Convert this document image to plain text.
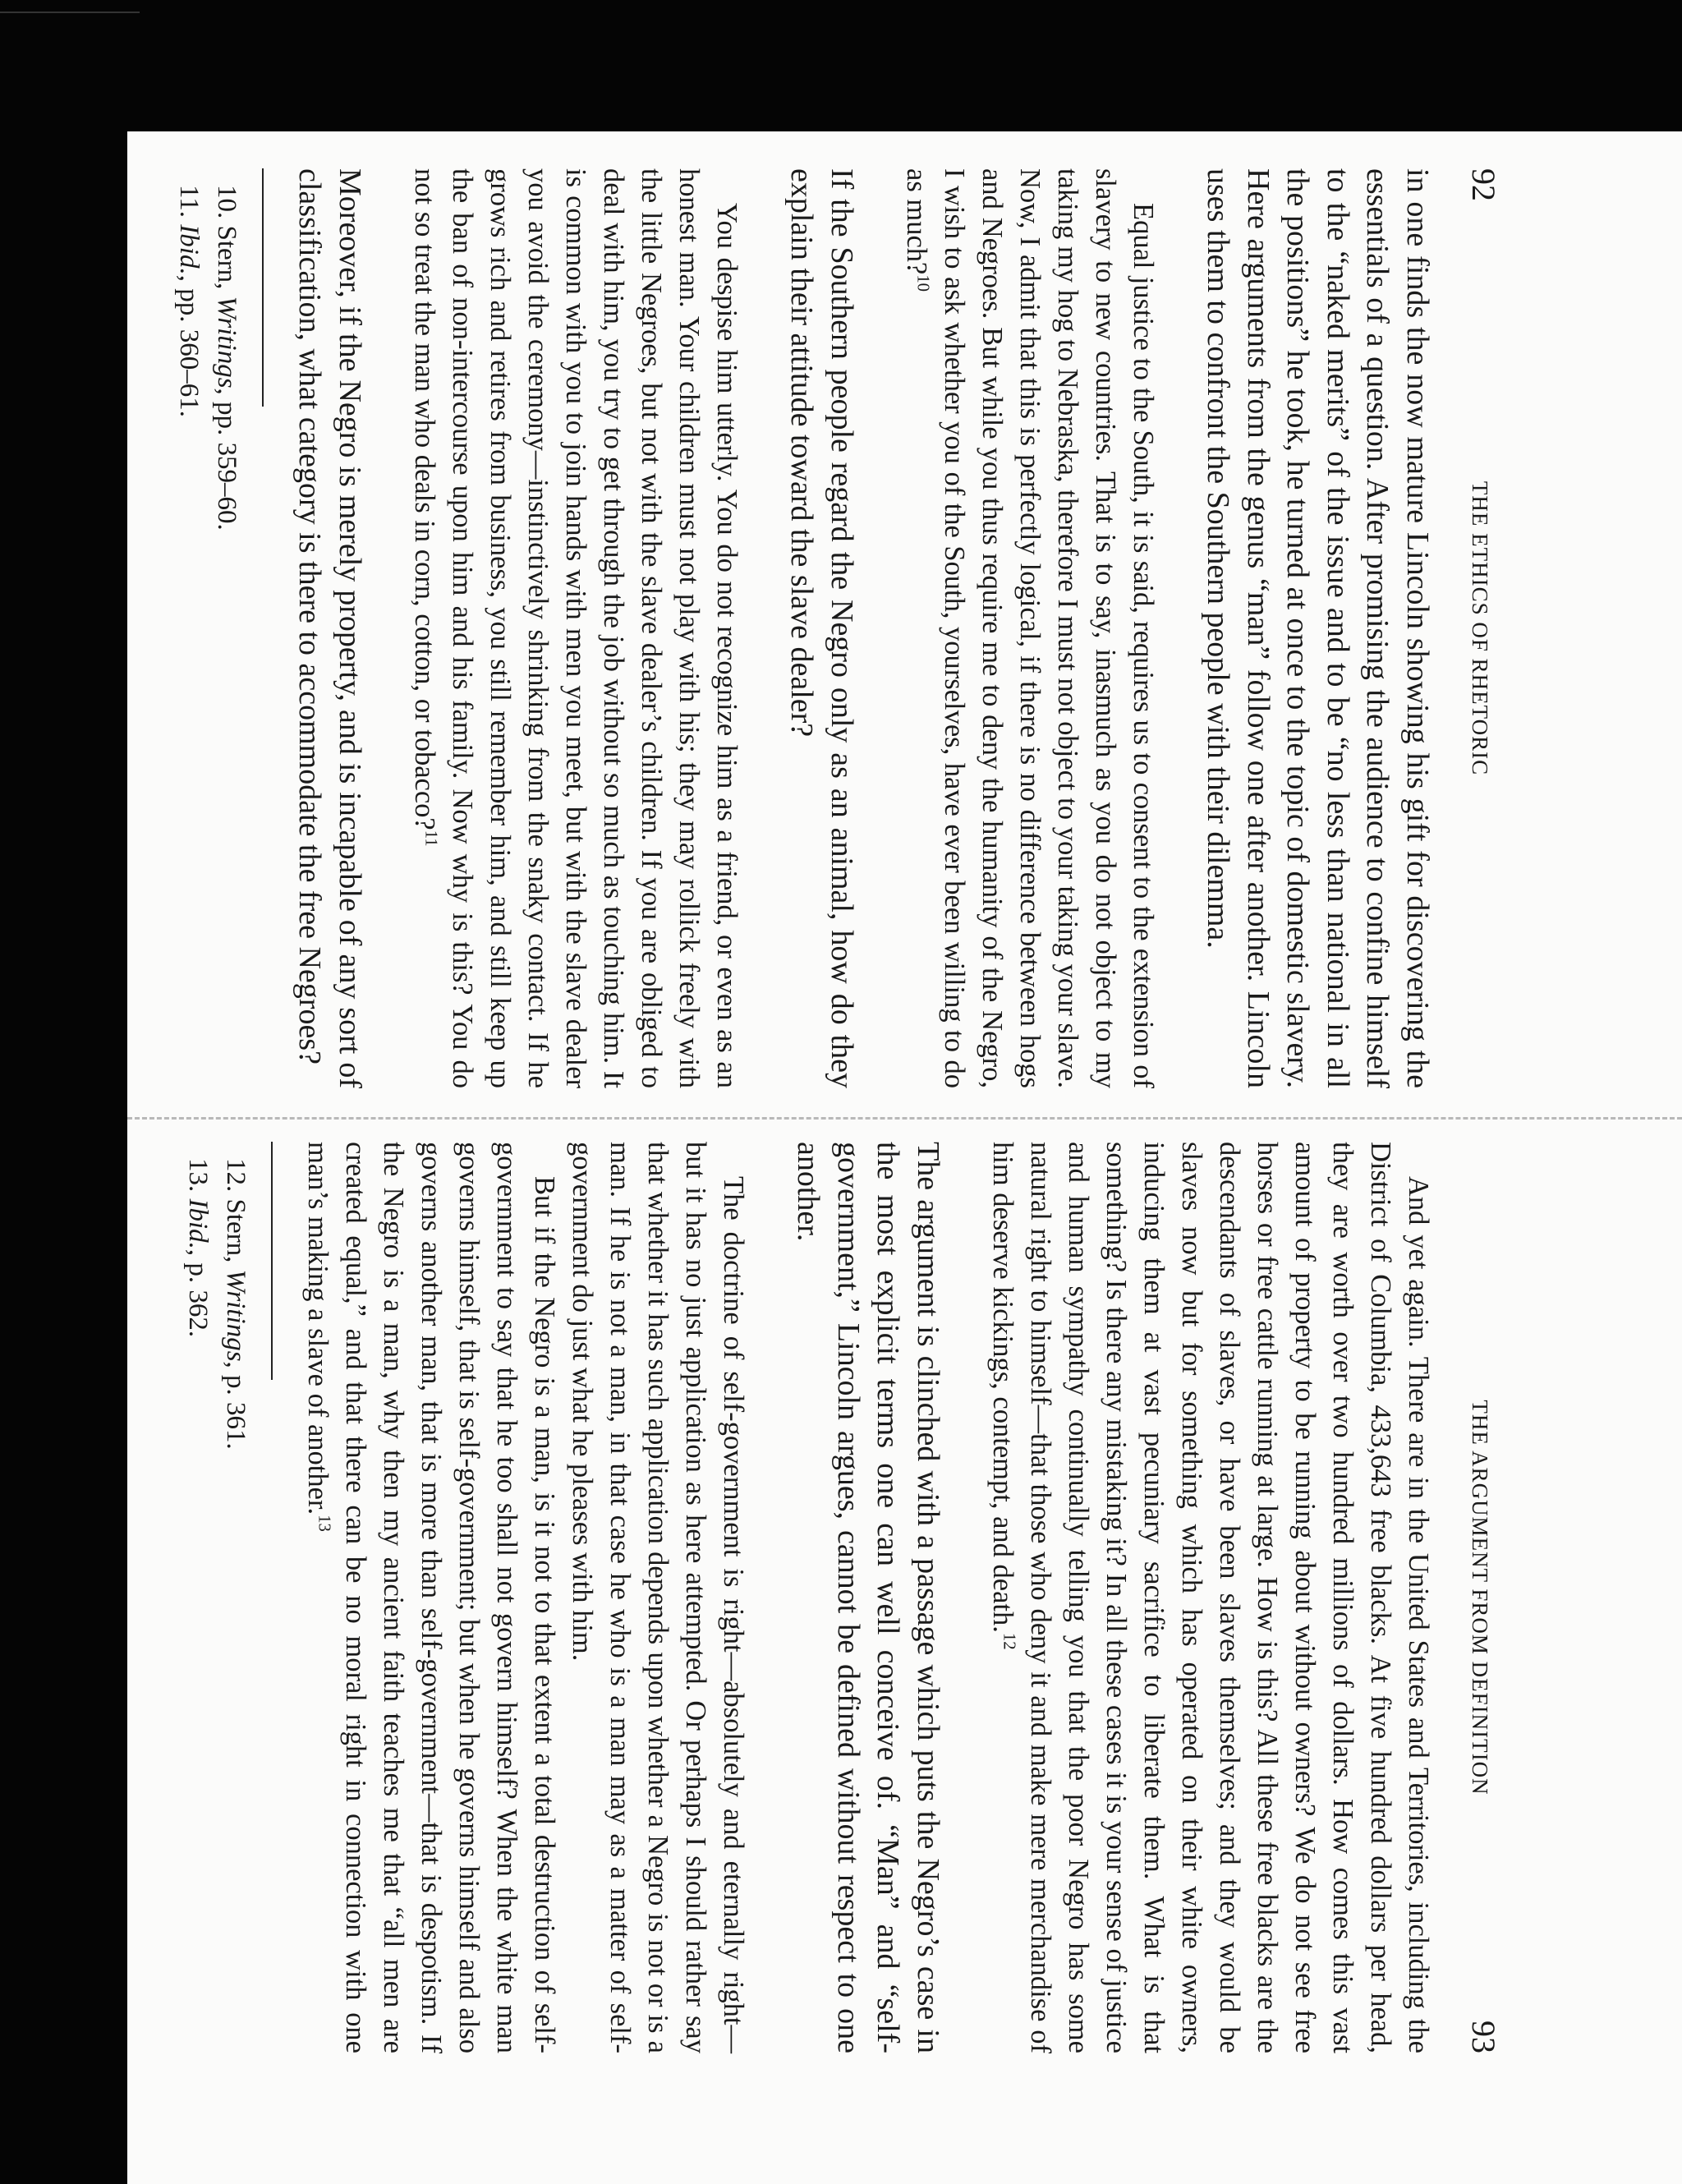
92
THE ETHICS OF RHETORIC

in one finds the now mature Lincoln showing his gift for discovering the essentials of a question. After promising the audience to confine himself to the “naked merits” of the issue and to be “no less than national in all the positions” he took, he turned at once to the topic of domestic slavery. Here arguments from the genus “man” follow one after another. Lincoln uses them to confront the Southern people with their dilemma.

Equal justice to the South, it is said, requires us to consent to the extension of slavery to new countries. That is to say, inasmuch as you do not object to my taking my hog to Nebraska, therefore I must not object to your taking your slave. Now, I admit that this is perfectly logical, if there is no difference between hogs and Negroes. But while you thus require me to deny the humanity of the Negro, I wish to ask whether you of the South, yourselves, have ever been willing to do as much?$^{10}$

If the Southern people regard the Negro only as an animal, how do they explain their attitude toward the slave dealer?

You despise him utterly. You do not recognize him as a friend, or even as an honest man. Your children must not play with his; they may rollick freely with the little Negroes, but not with the slave dealer’s children. If you are obliged to deal with him, you try to get through the job without so much as touching him. It is common with you to join hands with men you meet, but with the slave dealer you avoid the ceremony—instinctively shrinking from the snaky contact. If he grows rich and retires from business, you still remember him, and still keep up the ban of non-intercourse upon him and his family. Now why is this? You do not so treat the man who deals in corn, cotton, or tobacco?$^{11}$

Moreover, if the Negro is merely property, and is incapable of any sort of classification, what category is there to accommodate the free Negroes?

10. Stern, Writings, pp. 359–60.

11. Ibid., pp. 360–61.

THE ARGUMENT FROM DEFINITION
93

And yet again. There are in the United States and Territories, including the District of Columbia, 433,643 free blacks. At five hundred dollars per head, they are worth over two hundred millions of dollars. How comes this vast amount of property to be running about without owners? We do not see free horses or free cattle running at large. How is this? All these free blacks are the descendants of slaves, or have been slaves themselves; and they would be slaves now but for something which has operated on their white owners, inducing them at vast pecuniary sacrifice to liberate them. What is that something? Is there any mistaking it? In all these cases it is your sense of justice and human sympathy continually telling you that the poor Negro has some natural right to himself—that those who deny it and make mere merchandise of him deserve kickings, contempt, and death.$^{12}$

The argument is clinched with a passage which puts the Negro’s case in the most explicit terms one can well conceive of. “Man” and “self-government,” Lincoln argues, cannot be defined without respect to one another.

The doctrine of self-government is right—absolutely and eternally right—but it has no just application as here attempted. Or perhaps I should rather say that whether it has such application depends upon whether a Negro is not or is a man. If he is not a man, in that case he who is a man may as a matter of self-government do just what he pleases with him.

But if the Negro is a man, is it not to that extent a total destruction of self-government to say that he too shall not govern himself? When the white man governs himself, that is self-government; but when he governs himself and also governs another man, that is more than self-government—that is despotism. If the Negro is a man, why then my ancient faith teaches me that “all men are created equal,” and that there can be no moral right in connection with one man’s making a slave of another.$^{13}$

12. Stern, Writings, p. 361.

13. Ibid., p. 362.
